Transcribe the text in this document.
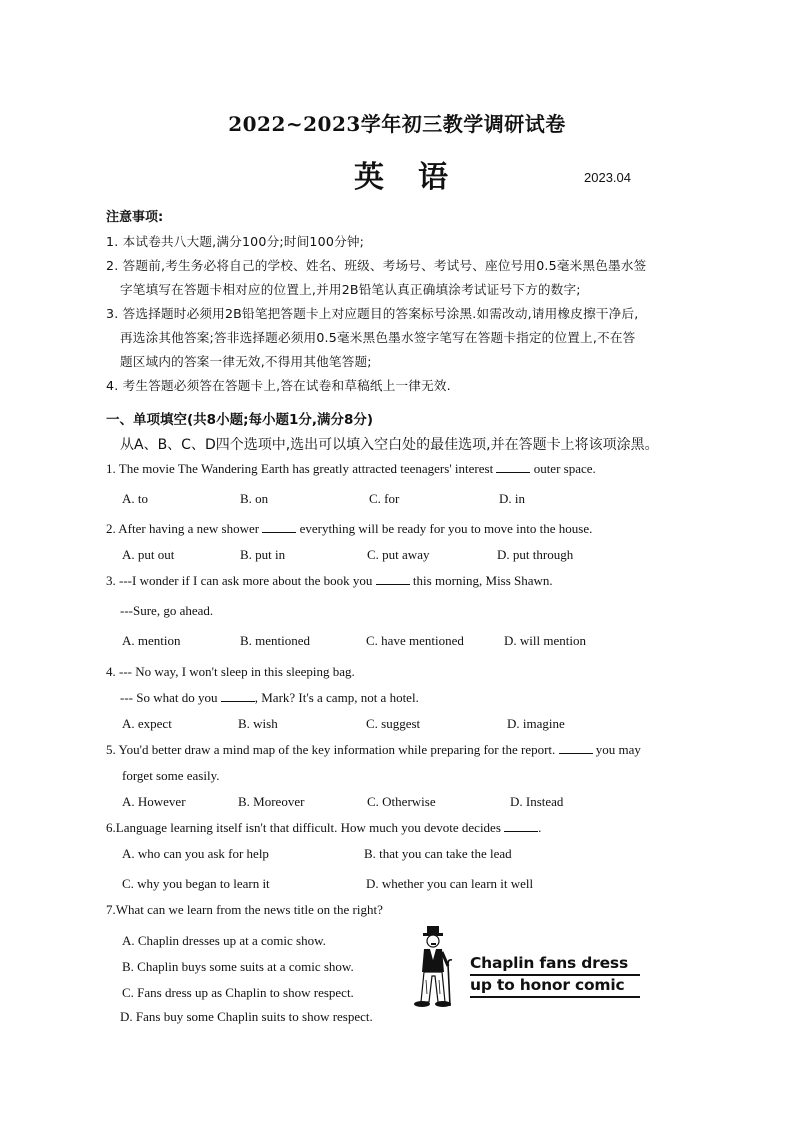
2022~2023学年初三教学调研试卷
英语	2023.04
注意事项:
1. 本试卷共八大题,满分100分;时间100分钟;
2. 答题前,考生务必将自己的学校、姓名、班级、考场号、考试号、座位号用0.5毫米黑色墨水签
字笔填写在答题卡相对应的位置上,并用2B铅笔认真正确填涂考试证号下方的数字;
3. 答选择题时必须用2B铅笔把答题卡上对应题目的答案标号涂黑.如需改动,请用橡皮擦干净后,
再选涂其他答案;答非选择题必须用0.5毫米黑色墨水签字笔写在答题卡指定的位置上,不在答
题区域内的答案一律无效,不得用其他笔答题;
4. 考生答题必须答在答题卡上,答在试卷和草稿纸上一律无效.
一、单项填空(共8小题;每小题1分,满分8分)
从A、B、C、D四个选项中,选出可以填入空白处的最佳选项,并在答题卡上将该项涂黑。
1. The movie The Wandering Earth has greatly attracted teenagers' interest	outer space.
A. to	B. on	C. for	D. in
2. After having a new shower	everything will be ready for you to move into the house.
A. put out	B. put in	C. put away	D. put through
3. ---I wonder if I can ask more about the book you	this morning, Miss Shawn.
---Sure, go ahead.
A. mention	B. mentioned	C. have mentioned	D. will mention
4. --- No way, I won't sleep in this sleeping bag.
--- So what do you	, Mark? It's a camp, not a hotel.
A. expect	B. wish	C. suggest	D. imagine
5. You'd better draw a mind map of the key information while preparing for the report.	you may
forget some easily.
A. However	B. Moreover	C. Otherwise	D. Instead
6.Language learning itself isn't that difficult. How much you devote decides	.
A. who can you ask for help	B. that you can take the lead
C. why you began to learn it	D. whether you can learn it well
7.What can we learn from the news title on the right?
A. Chaplin dresses up at a comic show.
B. Chaplin buys some suits at a comic show.
C. Fans dress up as Chaplin to show respect.
D. Fans buy some Chaplin suits to show respect.
Chaplin fans dress
up to honor comic
